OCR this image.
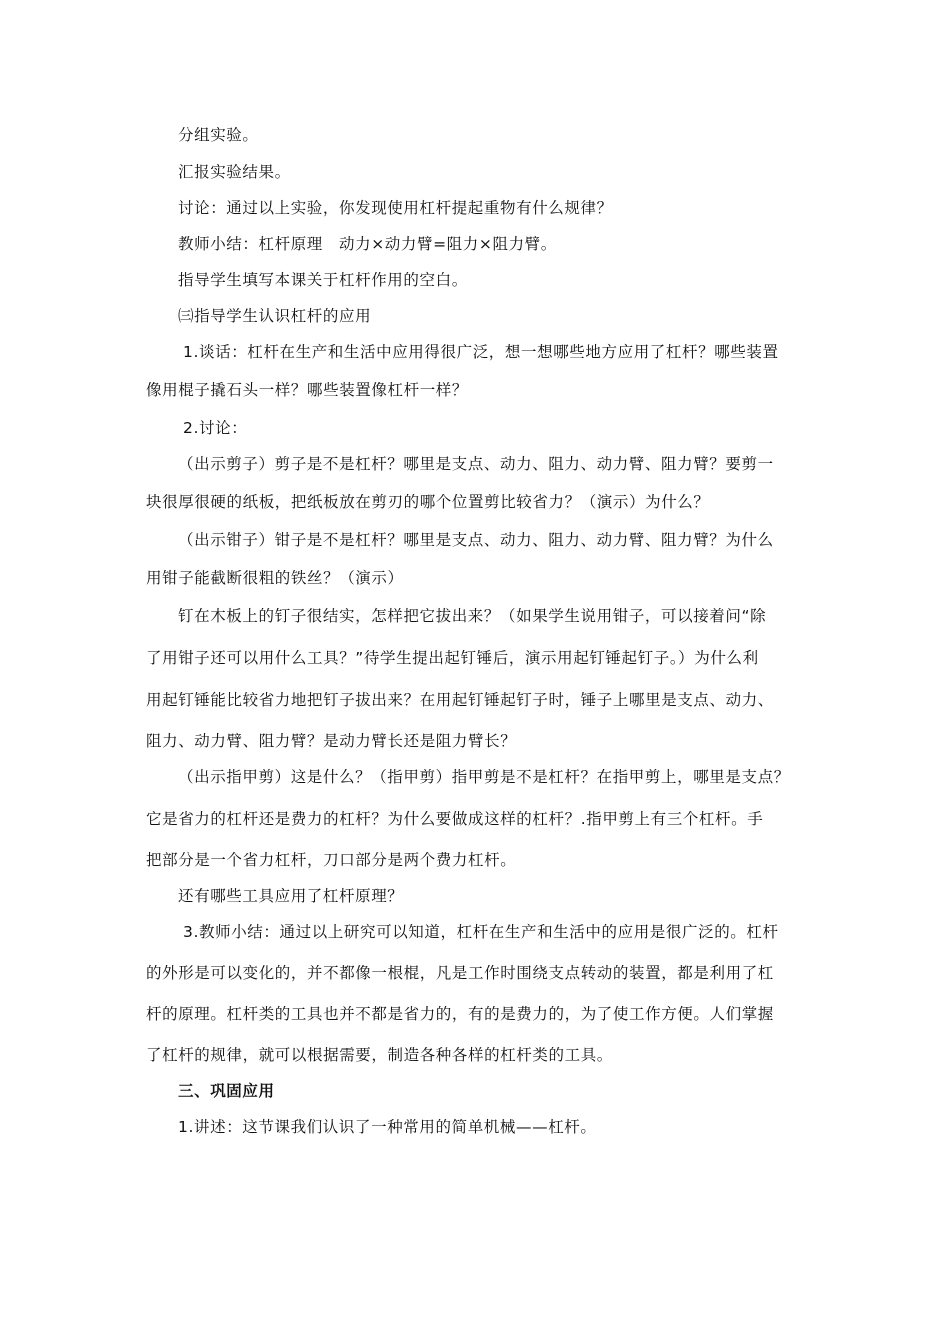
分组实验。
汇报实验结果。
讨论：通过以上实验，你发现使用杠杆提起重物有什么规律？
教师小结：杠杆原理　动力×动力臂=阻力×阻力臂。
指导学生填写本课关于杠杆作用的空白。
㈢指导学生认识杠杆的应用
1.谈话：杠杆在生产和生活中应用得很广泛，想一想哪些地方应用了杠杆？哪些装置
像用棍子撬石头一样？哪些装置像杠杆一样？
2.讨论：
（出示剪子）剪子是不是杠杆？哪里是支点、动力、阻力、动力臂、阻力臂？要剪一
块很厚很硬的纸板，把纸板放在剪刃的哪个位置剪比较省力？（演示）为什么？
（出示钳子）钳子是不是杠杆？哪里是支点、动力、阻力、动力臂、阻力臂？为什么
用钳子能截断很粗的铁丝？（演示）
钉在木板上的钉子很结实，怎样把它拔出来？（如果学生说用钳子，可以接着问“除
了用钳子还可以用什么工具？”待学生提出起钉锤后，演示用起钉锤起钉子。）为什么利
用起钉锤能比较省力地把钉子拔出来？在用起钉锤起钉子时，锤子上哪里是支点、动力、
阻力、动力臂、阻力臂？是动力臂长还是阻力臂长？
（出示指甲剪）这是什么？（指甲剪）指甲剪是不是杠杆？在指甲剪上，哪里是支点？
它是省力的杠杆还是费力的杠杆？为什么要做成这样的杠杆？.指甲剪上有三个杠杆。手
把部分是一个省力杠杆，刀口部分是两个费力杠杆。
还有哪些工具应用了杠杆原理？
3.教师小结：通过以上研究可以知道，杠杆在生产和生活中的应用是很广泛的。杠杆
的外形是可以变化的，并不都像一根棍，凡是工作时围绕支点转动的装置，都是利用了杠
杆的原理。杠杆类的工具也并不都是省力的，有的是费力的，为了使工作方便。人们掌握
了杠杆的规律，就可以根据需要，制造各种各样的杠杆类的工具。
三、巩固应用
1.讲述：这节课我们认识了一种常用的简单机械——杠杆。
